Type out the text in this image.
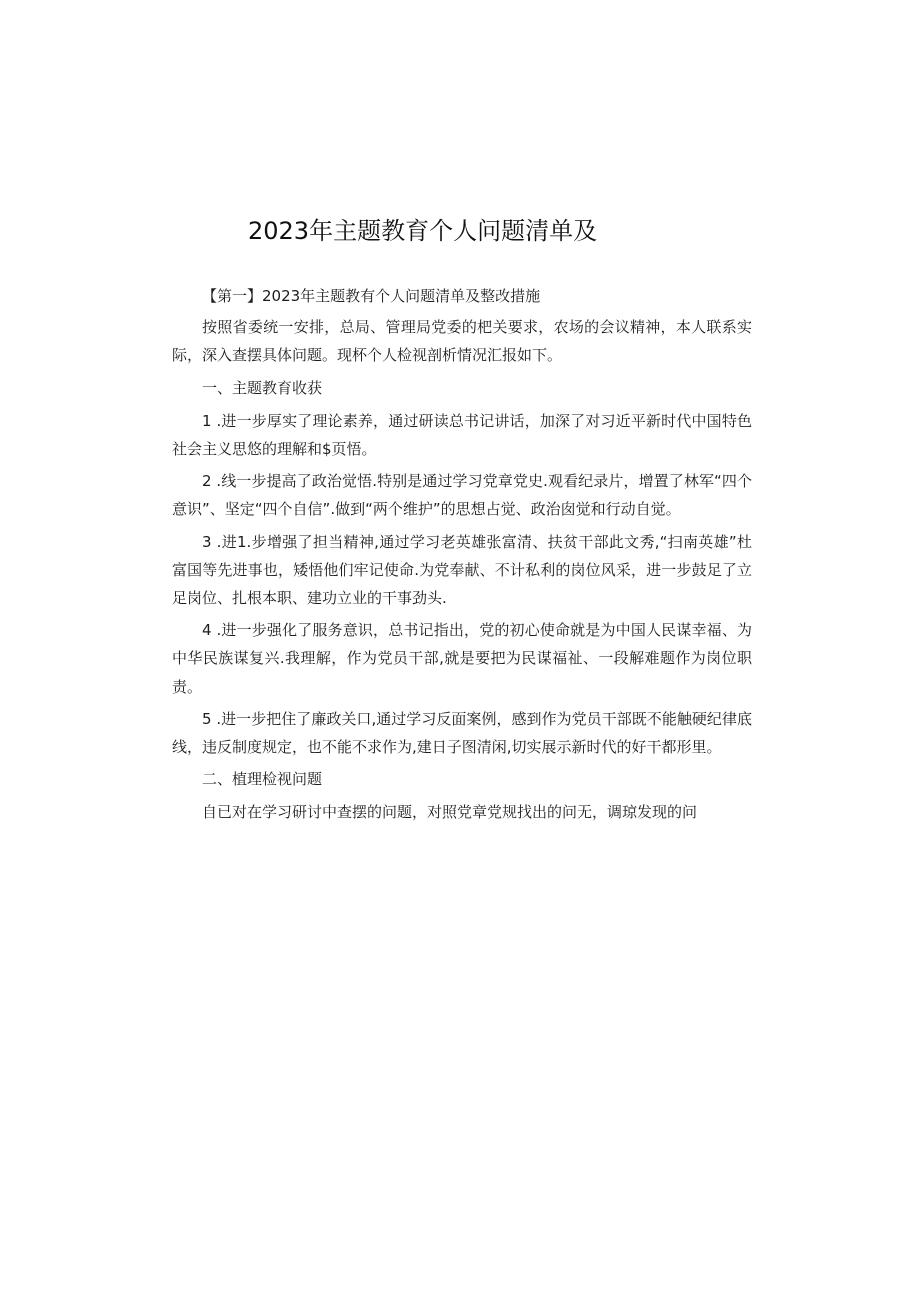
2023年主题教育个人问题清单及

【第一】2023年主题教有个人问题清单及整改措施

按照省委统一安排，总局、管理局党委的杷关要求，农场的会议精神，本人联系实际，深入查摆具体问题。现杯个人检视剖析情况汇报如下。

一、主题教育收获

1 .进一步厚实了理论素养，通过研读总书记讲话，加深了对习近平新时代中国特色社会主义思悠的理解和$页悟。

2 .线一步提高了政治觉悟.特别是通过学习党章党史.观看纪录片，增置了林军“四个意识”、坚定“四个自信”.做到“两个维护”的思想占觉、政治囱觉和行动自觉。

3 .进1.步增强了担当精神,通过学习老英雄张富清、扶贫干部此文秀,“扫南英雄”杜富国等先进事也，矮悟他们牢记使命.为党奉献、不计私利的岗位风采，进一步鼓足了立足岗位、扎根本职、建功立业的干事劲头.

4 .进一步强化了服务意识，总书记指出，党的初心使命就是为中国人民谋幸福、为中华民族谋复兴.我理解，作为党员干部,就是要把为民谋福祉、一段解难题作为岗位职责。

5 .进一步把住了廉政关口,通过学习反面案例，感到作为党员干部既不能触硬纪律底线，违反制度规定，也不能不求作为,建日子图清闲,切实展示新时代的好干都形里。

二、植理检视问题

自已对在学习研讨中查摆的问题，对照党章党规找出的问无，调琼发现的问
